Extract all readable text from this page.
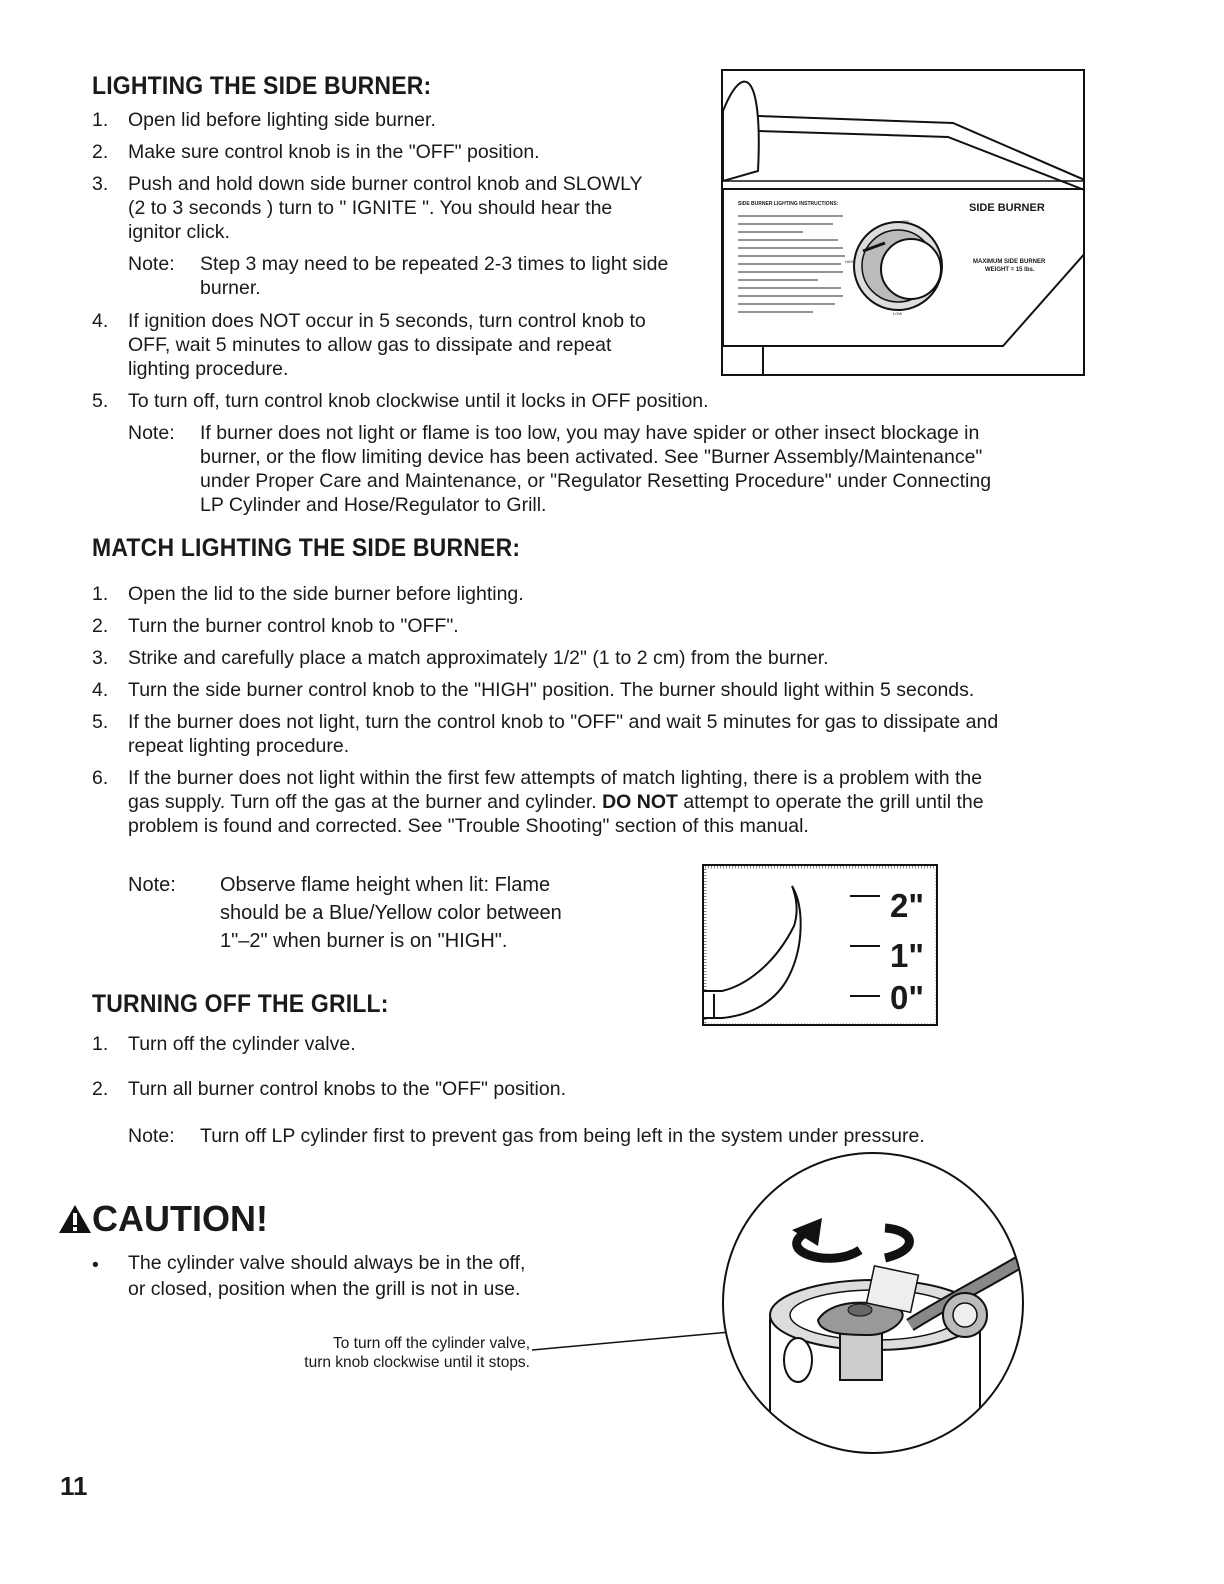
LIGHTING THE SIDE BURNER:
1.	Open lid before lighting side burner.
2.	Make sure control knob is in the "OFF" position.
3.	Push and hold down side burner control knob and SLOWLY
(2 to 3 seconds ) turn to " IGNITE ". You should hear the
ignitor click.
Note: Step 3 may need to be repeated 2-3 times to light side
burner.
4.	If ignition does NOT occur in 5 seconds, turn control knob to
OFF, wait 5 minutes to allow gas to dissipate and repeat
lighting procedure.
5.	To turn off, turn control knob clockwise until it locks in OFF position.
Note: If burner does not light or flame is too low, you may have spider or other insect blockage in
burner, or the flow limiting device has been activated. See "Burner Assembly/Maintenance"
under Proper Care and Maintenance, or "Regulator Resetting Procedure" under Connecting
LP Cylinder and Hose/Regulator to Grill.
SIDE BURNER LIGHTING INSTRUCTIONS:	SIDE BURNER
MAXIMUM SIDE BURNER
WEIGHT = 15 lbs.
OFF
HIGH
LOW
MATCH LIGHTING THE SIDE BURNER:
1.	Open the lid to the side burner before lighting.
2.	Turn the burner control knob to "OFF".
3.	Strike and carefully place a match approximately 1/2" (1 to 2 cm) from the burner.
4.	Turn the side burner control knob to the "HIGH" position. The burner should light within 5 seconds.
5.	If the burner does not light, turn the control knob to "OFF" and wait 5 minutes for gas to dissipate and
repeat lighting procedure.
6.	If the burner does not light within the first few attempts of match lighting, there is a problem with the
gas supply. Turn off the gas at the burner and cylinder. DO NOT attempt to operate the grill until the
problem is found and corrected. See "Trouble Shooting" section of this manual.
Note: Observe flame height when lit: Flame
should be a Blue/Yellow color between
1"–2" when burner is on "HIGH".
2"
1"
0"
TURNING OFF THE GRILL:
1.	Turn off the cylinder valve.
2.	Turn all burner control knobs to the "OFF" position.
Note: Turn off LP cylinder first to prevent gas from being left in the system under pressure.
CAUTION!
• The cylinder valve should always be in the off,
or closed, position when the grill is not in use.
To turn off the cylinder valve,
turn knob clockwise until it stops.
11
